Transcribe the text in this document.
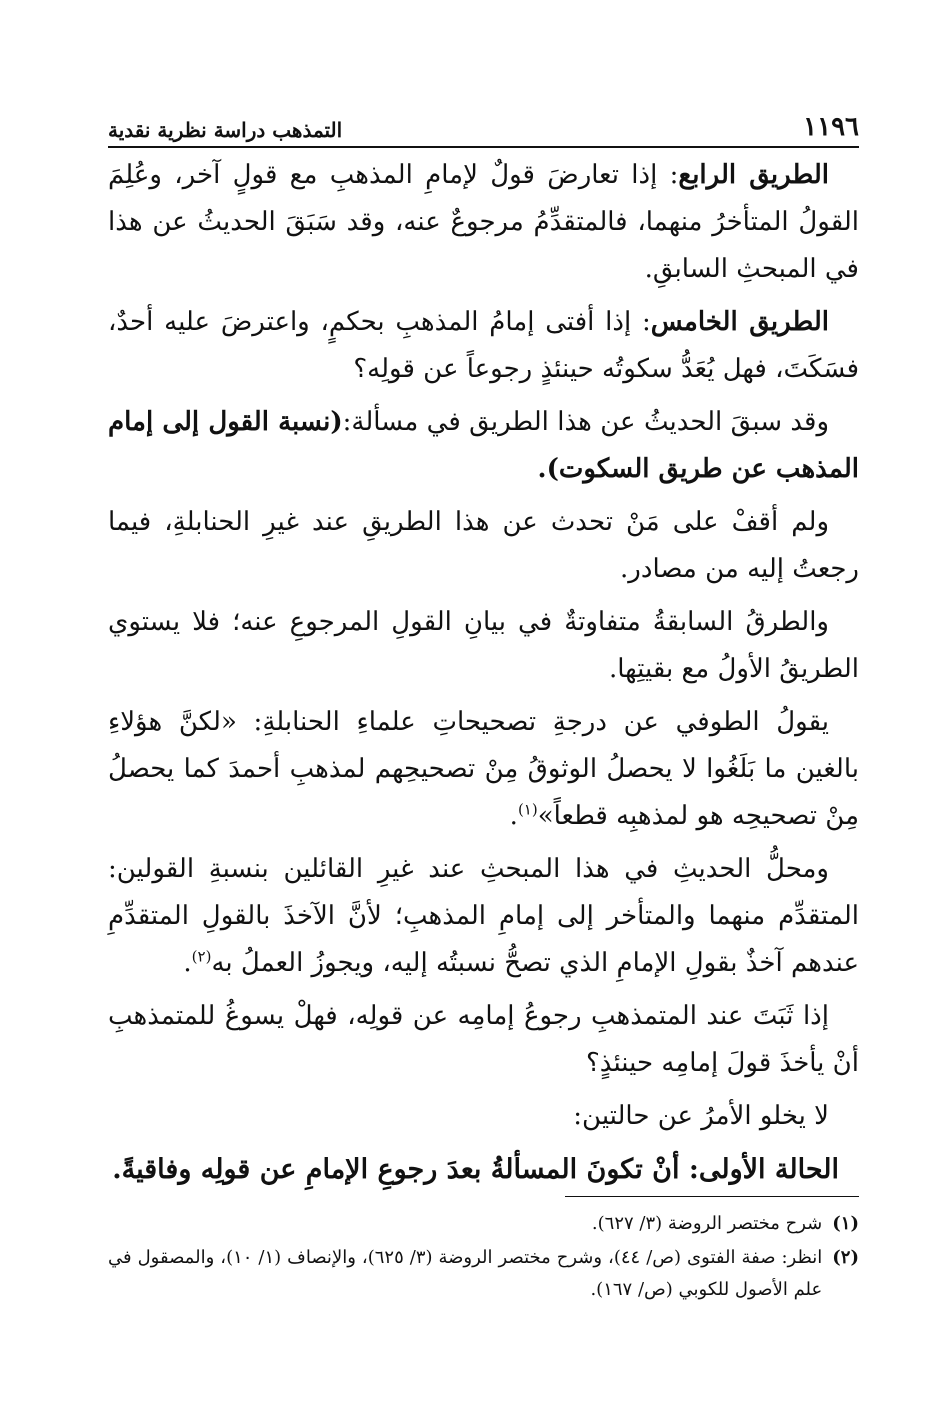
١١٩٦
التمذهب دراسة نظرية نقدية

الطريق الرابع: إذا تعارضَ قولٌ لإمامِ المذهبِ مع قولٍ آخر، وعُلِمَ القولُ المتأخرُ منهما، فالمتقدِّمُ مرجوعٌ عنه، وقد سَبَقَ الحديثُ عن هذا في المبحثِ السابقِ.

الطريق الخامس: إذا أفتى إمامُ المذهبِ بحكمٍ، واعترضَ عليه أحدٌ، فسَكَتَ، فهل يُعَدُّ سكوتُه حينئذٍ رجوعاً عن قولِه؟

وقد سبقَ الحديثُ عن هذا الطريق في مسألة:(نسبة القول إلى إمام المذهب عن طريق السكوت).

ولم أقفْ على مَنْ تحدث عن هذا الطريقِ عند غيرِ الحنابلةِ، فيما رجعتُ إليه من مصادر.

والطرقُ السابقةُ متفاوتةٌ في بيانِ القولِ المرجوعِ عنه؛ فلا يستوي الطريقُ الأولُ مع بقيتِها.

يقولُ الطوفي عن درجةِ تصحيحاتِ علماءِ الحنابلةِ: «لكنَّ هؤلاءِ بالغين ما بَلَغُوا لا يحصلُ الوثوقُ مِنْ تصحيحِهم لمذهبِ أحمدَ كما يحصلُ مِنْ تصحيحِه هو لمذهبِه قطعاً»$^{(١)}$.

ومحلُّ الحديثِ في هذا المبحثِ عند غيرِ القائلين بنسبةِ القولين: المتقدِّم منهما والمتأخر إلى إمامِ المذهبِ؛ لأنَّ الآخذَ بالقولِ المتقدِّمِ عندهم آخذٌ بقولِ الإمامِ الذي تصحُّ نسبتُه إليه، ويجوزُ العملُ به$^{(٢)}$.

إذا ثَبَتَ عند المتمذهبِ رجوعُ إمامِه عن قولِه، فهلْ يسوغُ للمتمذهبِ أنْ يأخذَ قولَ إمامِه حينئذٍ؟

لا يخلو الأمرُ عن حالتين:

الحالة الأولى: أنْ تكونَ المسألةُ بعدَ رجوعِ الإمامِ عن قولِه وفاقيةً.

(١)
شرح مختصر الروضة (٣/ ٦٢٧).
(٢)
انظر: صفة الفتوى (ص/ ٤٤)، وشرح مختصر الروضة (٣/ ٦٢٥)، والإنصاف (١/ ١٠)، والمصقول في علم الأصول للكوبي (ص/ ١٦٧).
